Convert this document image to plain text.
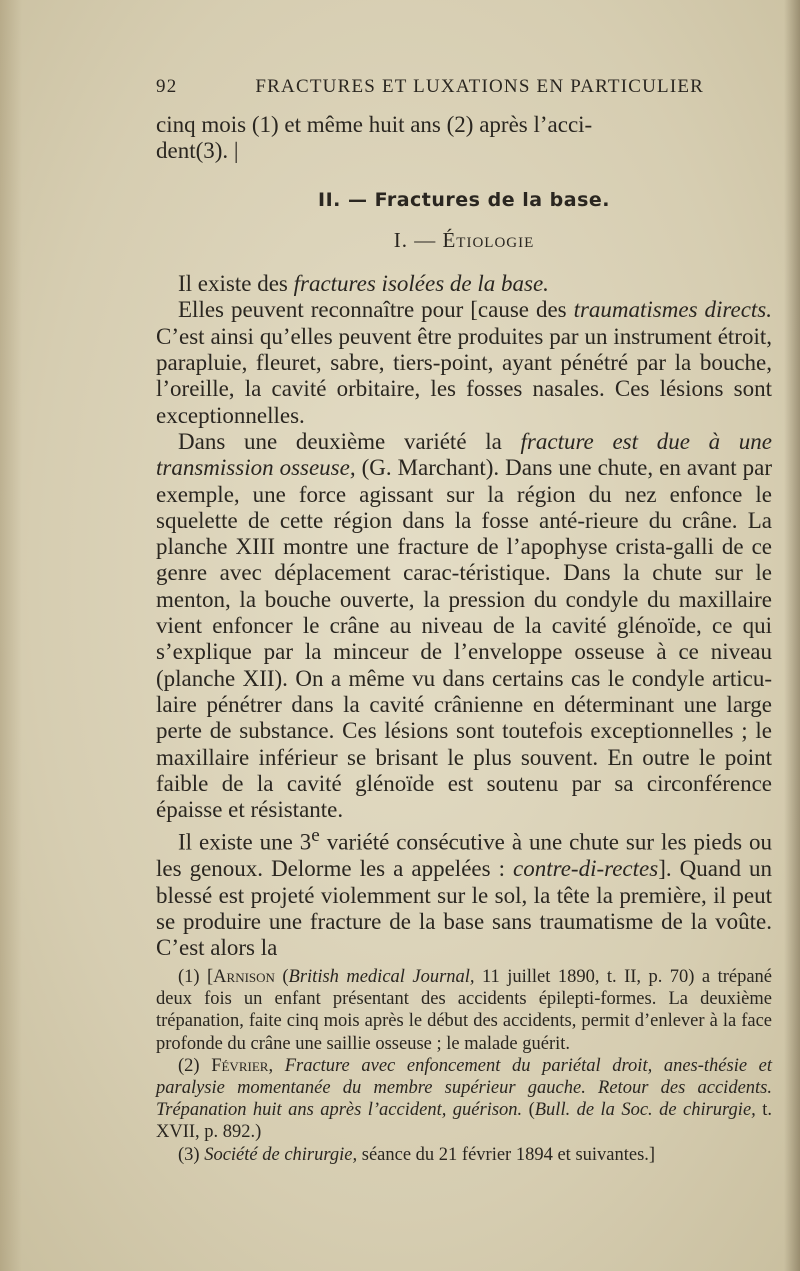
92	FRACTURES ET LUXATIONS EN PARTICULIER

cinq mois (1) et même huit ans (2) après l’acci-
dent(3). |

II. — Fractures de la base.
I. — Étiologie

Il existe des fractures isolées de la base.

Elles peuvent reconnaître pour [cause des traumatismes directs. C’est ainsi qu’elles peuvent être produites par un instrument étroit, parapluie, fleuret, sabre, tiers-point, ayant pénétré par la bouche, l’oreille, la cavité orbitaire, les fosses nasales. Ces lésions sont exceptionnelles.

Dans une deuxième variété la fracture est due à une transmission osseuse, (G. Marchant). Dans une chute, en avant par exemple, une force agissant sur la région du nez enfonce le squelette de cette région dans la fosse anté-rieure du crâne. La planche XIII montre une fracture de l’apophyse crista-galli de ce genre avec déplacement carac-téristique. Dans la chute sur le menton, la bouche ouverte, la pression du condyle du maxillaire vient enfoncer le crâne au niveau de la cavité glénoïde, ce qui s’explique par la minceur de l’enveloppe osseuse à ce niveau (planche XII). On a même vu dans certains cas le condyle articu-laire pénétrer dans la cavité crânienne en déterminant une large perte de substance. Ces lésions sont toutefois exceptionnelles ; le maxillaire inférieur se brisant le plus souvent. En outre le point faible de la cavité glénoïde est soutenu par sa circonférence épaisse et résistante.

Il existe une 3e variété consécutive à une chute sur les pieds ou les genoux. Delorme les a appelées : contre-di-rectes]. Quand un blessé est projeté violemment sur le sol, la tête la première, il peut se produire une fracture de la base sans traumatisme de la voûte. C’est alors la

(1) [Arnison (British medical Journal, 11 juillet 1890, t. II, p. 70) a trépané deux fois un enfant présentant des accidents épilepti-formes. La deuxième trépanation, faite cinq mois après le début des accidents, permit d’enlever à la face profonde du crâne une saillie osseuse ; le malade guérit.

(2) Février, Fracture avec enfoncement du pariétal droit, anes-thésie et paralysie momentanée du membre supérieur gauche. Retour des accidents. Trépanation huit ans après l’accident, guérison. (Bull. de la Soc. de chirurgie, t. XVII, p. 892.)

(3) Société de chirurgie, séance du 21 février 1894 et suivantes.]
